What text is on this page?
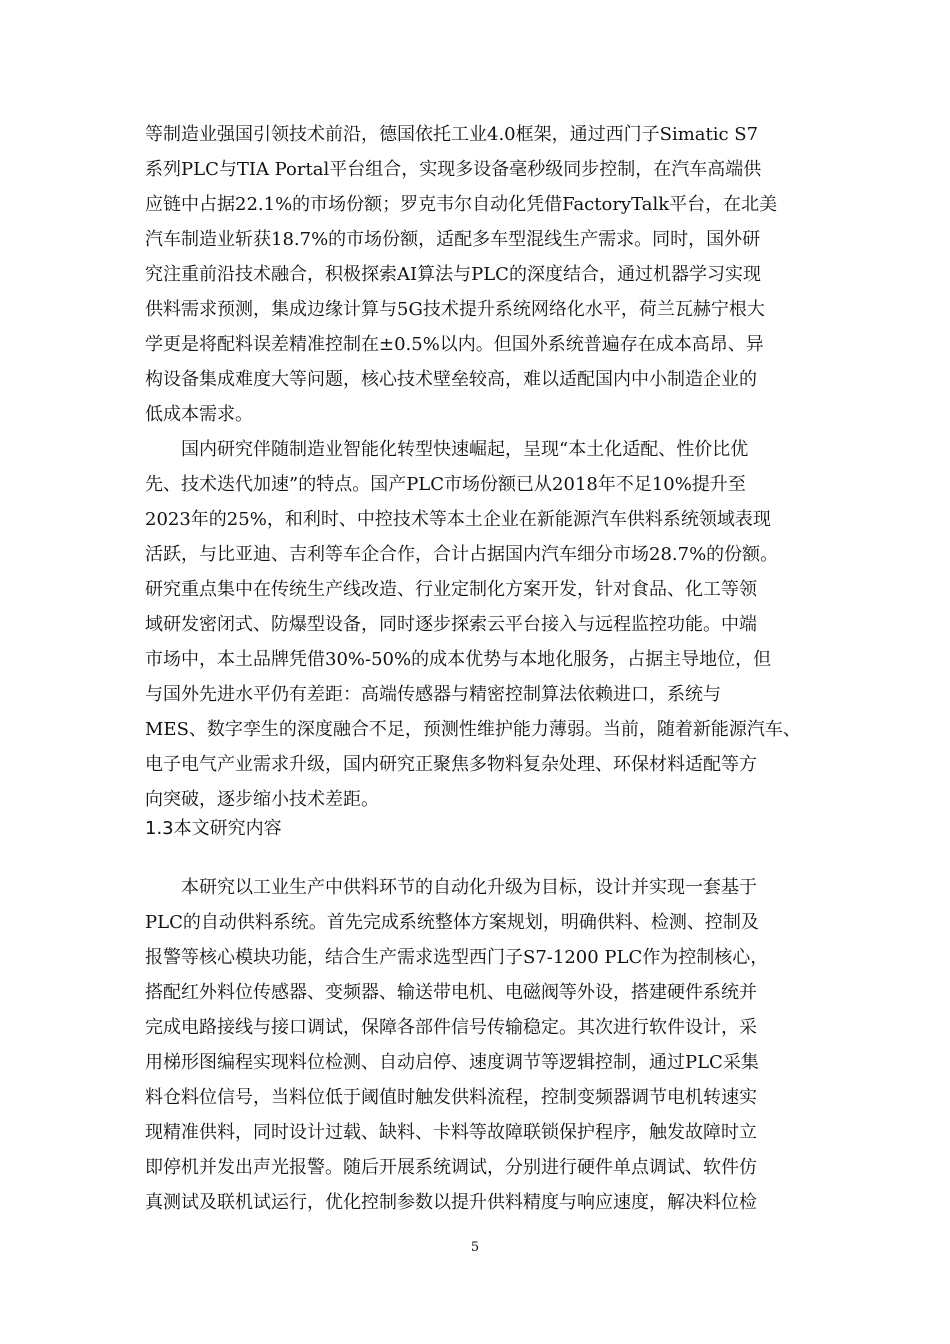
等制造业强国引领技术前沿，德国依托工业4.0框架，通过西门子Simatic S7
系列PLC与TIA Portal平台组合，实现多设备毫秒级同步控制，在汽车高端供
应链中占据22.1%的市场份额；罗克韦尔自动化凭借FactoryTalk平台，在北美
汽车制造业斩获18.7%的市场份额，适配多车型混线生产需求。同时，国外研
究注重前沿技术融合，积极探索AI算法与PLC的深度结合，通过机器学习实现
供料需求预测，集成边缘计算与5G技术提升系统网络化水平，荷兰瓦赫宁根大
学更是将配料误差精准控制在±0.5%以内。但国外系统普遍存在成本高昂、异
构设备集成难度大等问题，核心技术壁垒较高，难以适配国内中小制造企业的
低成本需求。
　　国内研究伴随制造业智能化转型快速崛起，呈现“本土化适配、性价比优
先、技术迭代加速”的特点。国产PLC市场份额已从2018年不足10%提升至
2023年的25%，和利时、中控技术等本土企业在新能源汽车供料系统领域表现
活跃，与比亚迪、吉利等车企合作，合计占据国内汽车细分市场28.7%的份额。
研究重点集中在传统生产线改造、行业定制化方案开发，针对食品、化工等领
域研发密闭式、防爆型设备，同时逐步探索云平台接入与远程监控功能。中端
市场中，本土品牌凭借30%-50%的成本优势与本地化服务，占据主导地位，但
与国外先进水平仍有差距：高端传感器与精密控制算法依赖进口，系统与
MES、数字孪生的深度融合不足，预测性维护能力薄弱。当前，随着新能源汽车、
电子电气产业需求升级，国内研究正聚焦多物料复杂处理、环保材料适配等方
向突破，逐步缩小技术差距。
1.3本文研究内容
　　本研究以工业生产中供料环节的自动化升级为目标，设计并实现一套基于
PLC的自动供料系统。首先完成系统整体方案规划，明确供料、检测、控制及
报警等核心模块功能，结合生产需求选型西门子S7-1200 PLC作为控制核心，
搭配红外料位传感器、变频器、输送带电机、电磁阀等外设，搭建硬件系统并
完成电路接线与接口调试，保障各部件信号传输稳定。其次进行软件设计，采
用梯形图编程实现料位检测、自动启停、速度调节等逻辑控制，通过PLC采集
料仓料位信号，当料位低于阈值时触发供料流程，控制变频器调节电机转速实
现精准供料，同时设计过载、缺料、卡料等故障联锁保护程序，触发故障时立
即停机并发出声光报警。随后开展系统调试，分别进行硬件单点调试、软件仿
真测试及联机试运行，优化控制参数以提升供料精度与响应速度，解决料位检
5
